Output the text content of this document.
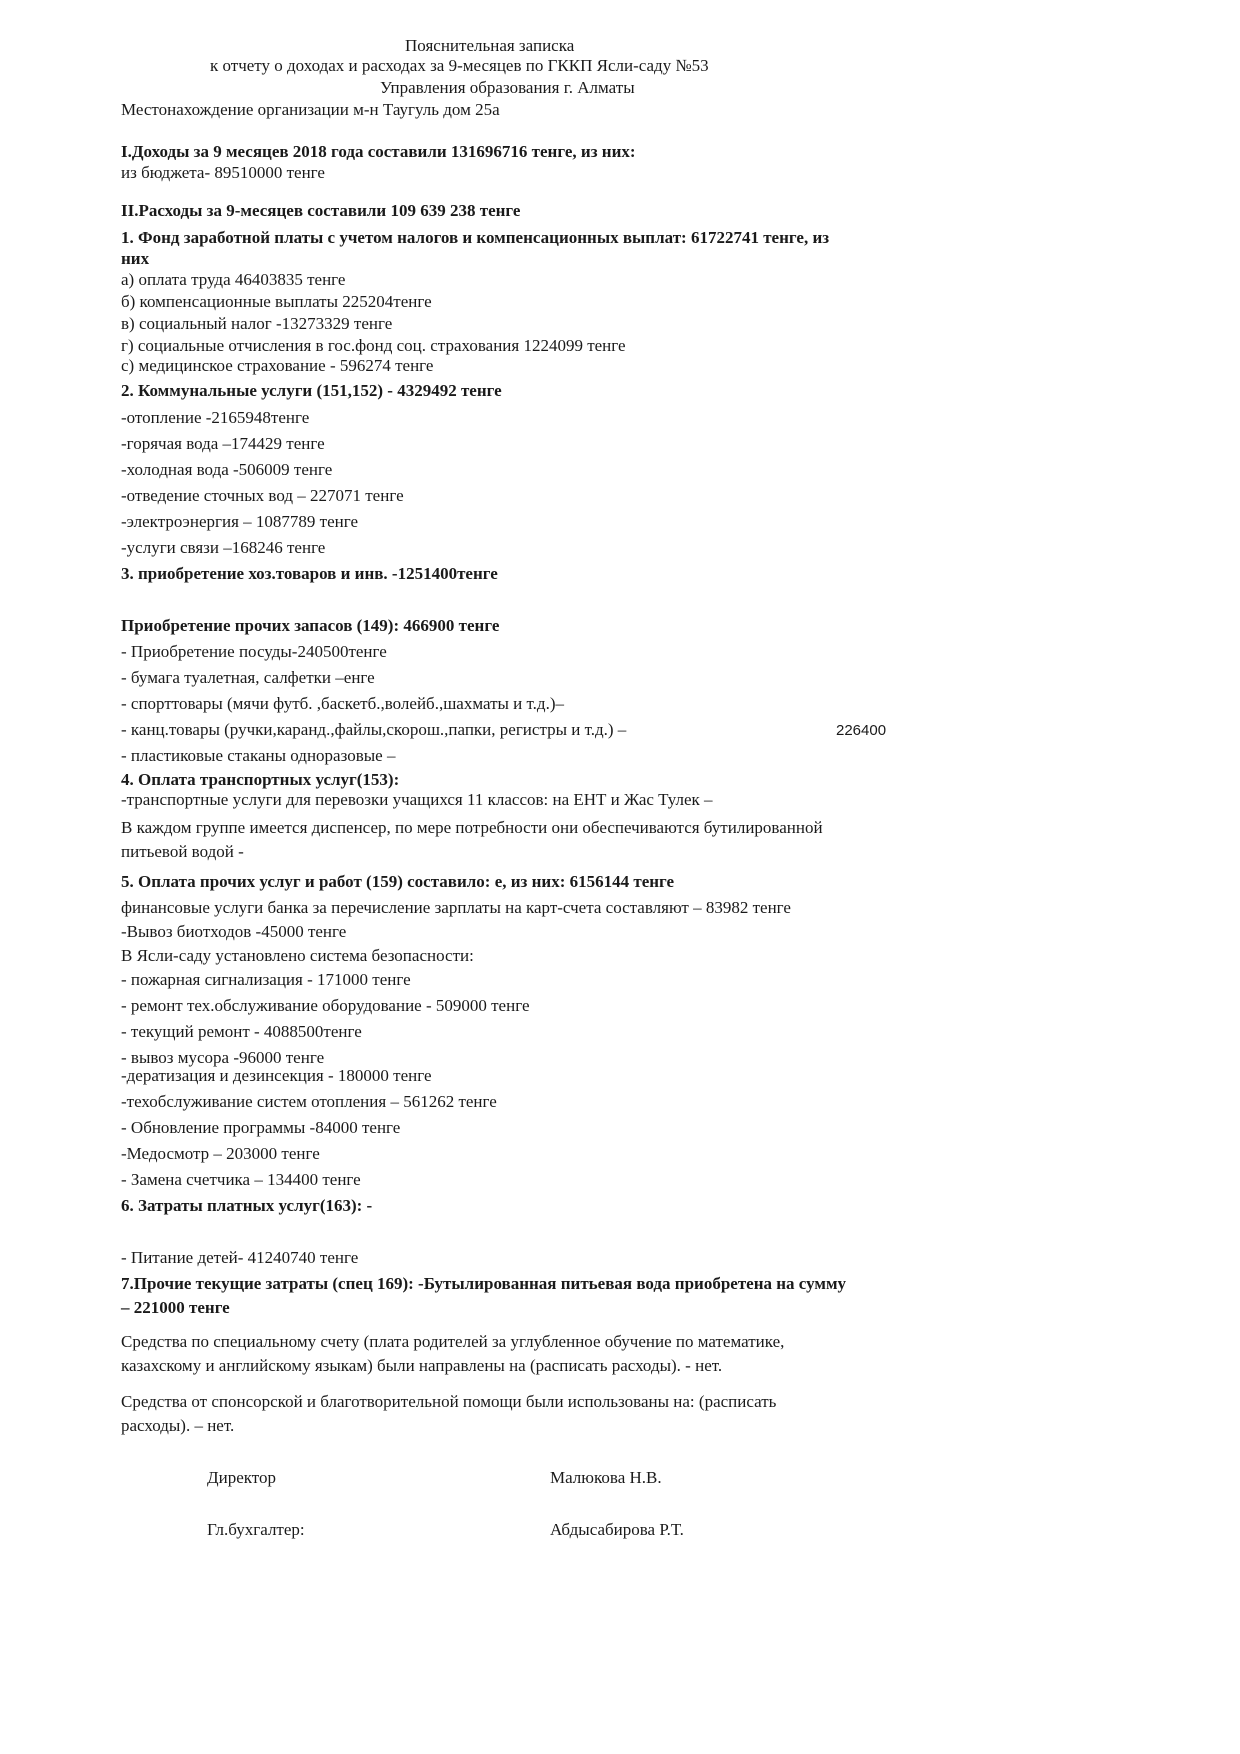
Пояснительная записка
к отчету о доходах и расходах за 9-месяцев по ГККП Ясли-саду №53
Управления образования г. Алматы
Местонахождение организации м-н Таугуль дом 25а
I.Доходы за 9 месяцев 2018 года составили 131696716 тенге, из них:
из бюджета- 89510000 тенге
II.Расходы за 9-месяцев составили 109 639 238 тенге
1. Фонд заработной платы с учетом налогов и компенсационных выплат: 61722741 тенге, из
них
а) оплата труда 46403835 тенге
б) компенсационные выплаты 225204тенге
в) социальный налог -13273329 тенге
г) социальные отчисления в гос.фонд соц. страхования 1224099 тенге
с) медицинское страхование - 596274 тенге
2. Коммунальные услуги (151,152) - 4329492 тенге
-отопление -2165948тенге
-горячая вода –174429 тенге
-холодная вода -506009 тенге
-отведение сточных вод – 227071 тенге
-электроэнергия – 1087789 тенге
-услуги связи –168246 тенге
3. приобретение хоз.товаров и инв. -1251400тенге
Приобретение прочих запасов (149): 466900 тенге
- Приобретение посуды-240500тенге
- бумага туалетная, салфетки –енге
- спорттовары (мячи футб. ,баскетб.,волейб.,шахматы и т.д.)–
- канц.товары (ручки,каранд.,файлы,скорош.,папки, регистры и т.д.) –	226400
- пластиковые стаканы одноразовые –
4. Оплата транспортных услуг(153):
-транспортные услуги для перевозки учащихся 11 классов: на ЕНТ и Жас Тулек –
В каждом группе имеется диспенсер, по мере потребности они обеспечиваются бутилированной
питьевой водой -
5. Оплата прочих услуг и работ (159) составило: е, из них: 6156144 тенге
финансовые услуги банка за перечисление зарплаты на карт-счета составляют – 83982 тенге
-Вывоз биотходов -45000 тенге
В Ясли-саду установлено система безопасности:
- пожарная сигнализация - 171000 тенге
- ремонт тех.обслуживание оборудование - 509000 тенге
- текущий ремонт - 4088500тенге
- вывоз мусора -96000 тенге
-дератизация и дезинсекция - 180000 тенге
-техобслуживание систем отопления – 561262 тенге
- Обновление программы -84000 тенге
-Медосмотр – 203000 тенге
- Замена счетчика – 134400 тенге
6. Затраты платных услуг(163): -
- Питание детей- 41240740 тенге
7.Прочие текущие затраты (спец 169): -Бутылированная питьевая вода приобретена на сумму
– 221000 тенге
Средства по специальному счету (плата родителей за углубленное обучение по математике,
казахскому и английскому языкам) были направлены на (расписать расходы). - нет.
Средства от спонсорской и благотворительной помощи были использованы на: (расписать
расходы). – нет.
Директор	Малюкова Н.В.
Гл.бухгалтер:	Абдысабирова Р.Т.
